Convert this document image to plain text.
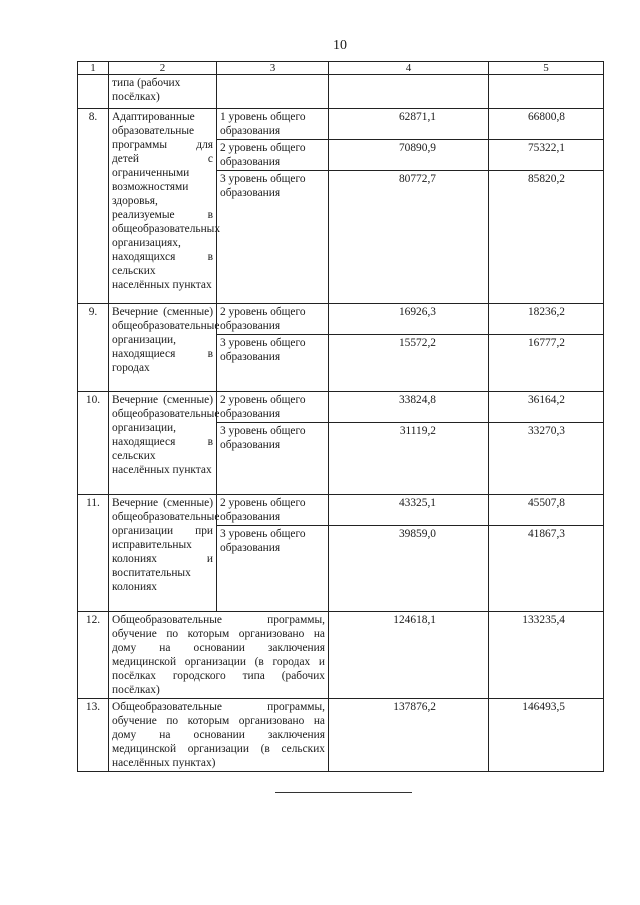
10
1	2	3	4	5
	типа (рабочих посёлках)			
8.	Адаптированные образовательные программы для детей с ограниченными возможностями здоровья, реализуемые в общеобразовательных организациях, находящихся в сельских населённых пунктах	1 уровень общего образования	62871,1	66800,8
		2 уровень общего образования	70890,9	75322,1
		3 уровень общего образования	80772,7	85820,2
9.	Вечерние (сменные) общеобразовательные организации, находящиеся в городах	2 уровень общего образования	16926,3	18236,2
		3 уровень общего образования	15572,2	16777,2
10.	Вечерние (сменные) общеобразовательные организации, находящиеся в сельских населённых пунктах	2 уровень общего образования	33824,8	36164,2
		3 уровень общего образования	31119,2	33270,3
11.	Вечерние (сменные) общеобразовательные организации при исправительных колониях и воспитательных колониях	2 уровень общего образования	43325,1	45507,8
		3 уровень общего образования	39859,0	41867,3
12.	Общеобразовательные программы, обучение по которым организовано на дому на основании заключения медицинской организации (в городах и посёлках городского типа (рабочих посёлках)		124618,1	133235,4
13.	Общеобразовательные программы, обучение по которым организовано на дому на основании заключения медицинской организации (в сельских населённых пунктах)		137876,2	146493,5
